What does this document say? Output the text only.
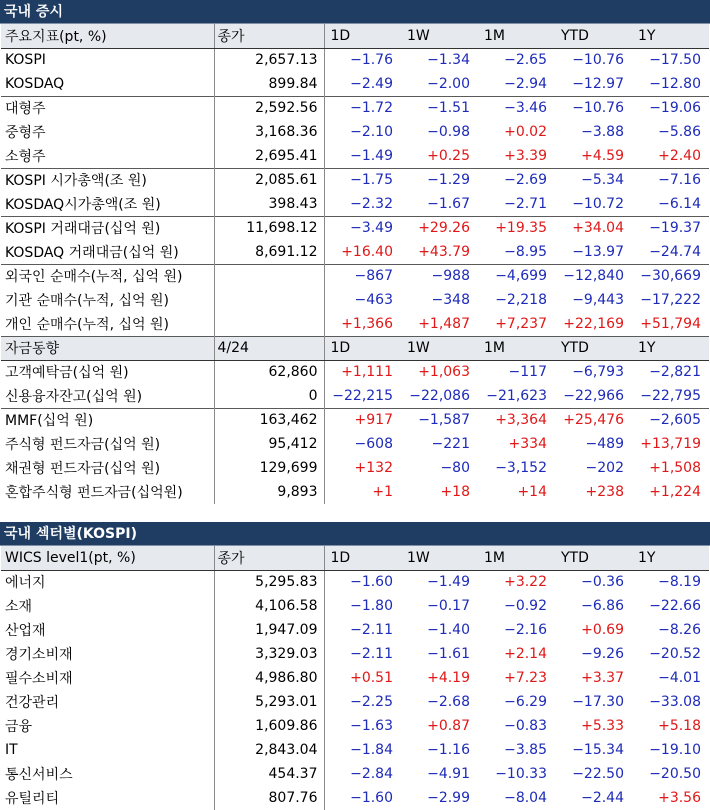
국내 증시
주요지표(pt, %)	종가	1D	1W	1M	YTD	1Y
KOSPI	2,657.13	−1.76	−1.34	−2.65	−10.76	−17.50
KOSDAQ	899.84	−2.49	−2.00	−2.94	−12.97	−12.80
대형주	2,592.56	−1.72	−1.51	−3.46	−10.76	−19.06
중형주	3,168.36	−2.10	−0.98	+0.02	−3.88	−5.86
소형주	2,695.41	−1.49	+0.25	+3.39	+4.59	+2.40
KOSPI 시가총액(조 원)	2,085.61	−1.75	−1.29	−2.69	−5.34	−7.16
KOSDAQ시가총액(조 원)	398.43	−2.32	−1.67	−2.71	−10.72	−6.14
KOSPI 거래대금(십억 원)	11,698.12	−3.49	+29.26	+19.35	+34.04	−19.37
KOSDAQ 거래대금(십억 원)	8,691.12	+16.40	+43.79	−8.95	−13.97	−24.74
외국인 순매수(누적, 십억 원)		−867	−988	−4,699	−12,840	−30,669
기관 순매수(누적, 십억 원)		−463	−348	−2,218	−9,443	−17,222
개인 순매수(누적, 십억 원)		+1,366	+1,487	+7,237	+22,169	+51,794
자금동향	4/24	1D	1W	1M	YTD	1Y
고객예탁금(십억 원)	62,860	+1,111	+1,063	−117	−6,793	−2,821
신용융자잔고(십억 원)	0	−22,215	−22,086	−21,623	−22,966	−22,795
MMF(십억 원)	163,462	+917	−1,587	+3,364	+25,476	−2,605
주식형 펀드자금(십억 원)	95,412	−608	−221	+334	−489	+13,719
채권형 펀드자금(십억 원)	129,699	+132	−80	−3,152	−202	+1,508
혼합주식형 펀드자금(십억원)	9,893	+1	+18	+14	+238	+1,224
국내 섹터별(KOSPI)
WICS level1(pt, %)	종가	1D	1W	1M	YTD	1Y
에너지	5,295.83	−1.60	−1.49	+3.22	−0.36	−8.19
소재	4,106.58	−1.80	−0.17	−0.92	−6.86	−22.66
산업재	1,947.09	−2.11	−1.40	−2.16	+0.69	−8.26
경기소비재	3,329.03	−2.11	−1.61	+2.14	−9.26	−20.52
필수소비재	4,986.80	+0.51	+4.19	+7.23	+3.37	−4.01
건강관리	5,293.01	−2.25	−2.68	−6.29	−17.30	−33.08
금융	1,609.86	−1.63	+0.87	−0.83	+5.33	+5.18
IT	2,843.04	−1.84	−1.16	−3.85	−15.34	−19.10
통신서비스	454.37	−2.84	−4.91	−10.33	−22.50	−20.50
유틸리티	807.76	−1.60	−2.99	−8.04	−2.44	+3.56
